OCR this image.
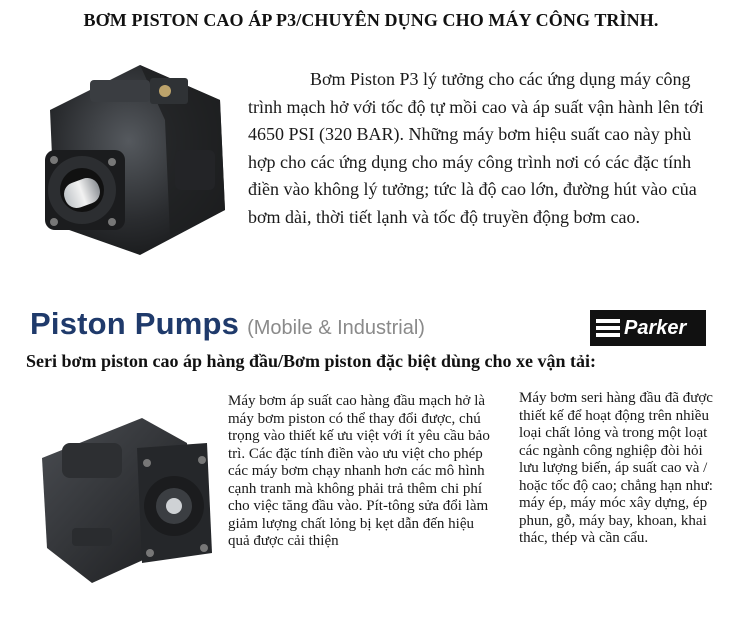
BƠM PISTON CAO ÁP P3/CHUYÊN DỤNG CHO MÁY CÔNG TRÌNH.
Bơm Piston P3 lý tưởng cho các ứng dụng máy công trình mạch hở với tốc độ tự mồi cao và áp suất vận hành lên tới 4650 PSI (320 BAR). Những máy bơm hiệu suất cao này phù hợp cho các ứng dụng cho máy công trình nơi có các đặc tính điền vào không lý tưởng; tức là độ cao lớn, đường hút vào của bơm dài, thời tiết lạnh và tốc độ truyền động bơm cao.
Piston Pumps (Mobile & Industrial)	Parker
Seri bơm piston cao áp hàng đầu/Bơm piston đặc biệt dùng cho xe vận tải:
Máy bơm áp suất cao hàng đầu mạch hở là máy bơm piston có thể thay đổi được, chú trọng vào thiết kế ưu việt với ít yêu cầu bảo trì. Các đặc tính điền vào ưu việt cho phép các máy bơm chạy nhanh hơn các mô hình cạnh tranh mà không phải trả thêm chi phí cho việc tăng đầu vào. Pít-tông sửa đổi làm giảm lượng chất lỏng bị kẹt dẫn đến hiệu quả được cải thiện
Máy bơm seri hàng đầu đã được thiết kế để hoạt động trên nhiều loại chất lỏng và trong một loạt các ngành công nghiệp đòi hỏi lưu lượng biến, áp suất cao và / hoặc tốc độ cao; chẳng hạn như: máy ép, máy móc xây dựng, ép phun, gỗ, máy bay, khoan, khai thác, thép và cần cẩu.
